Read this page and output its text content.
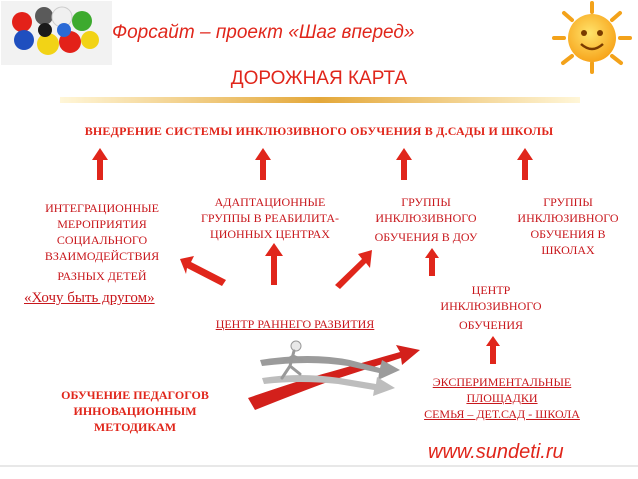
Форсайт – проект «Шаг вперед»
ДОРОЖНАЯ КАРТА
ВНЕДРЕНИЕ СИСТЕМЫ ИНКЛЮЗИВНОГО ОБУЧЕНИЯ В Д.САДЫ И ШКОЛЫ
ИНТЕГРАЦИОННЫЕ
МЕРОПРИЯТИЯ
СОЦИАЛЬНОГО
ВЗАИМОДЕЙСТВИЯ
РАЗНЫХ ДЕТЕЙ
«Хочу быть другом»
АДАПТАЦИОННЫЕ
ГРУППЫ В РЕАБИЛИТА-
ЦИОННЫХ ЦЕНТРАХ
ГРУППЫ
ИНКЛЮЗИВНОГО
ОБУЧЕНИЯ В ДОУ
ГРУППЫ
ИНКЛЮЗИВНОГО
ОБУЧЕНИЯ В
ШКОЛАХ
ЦЕНТР
ИНКЛЮЗИВНОГО
ОБУЧЕНИЯ
ЦЕНТР РАННЕГО РАЗВИТИЯ
ЭКСПЕРИМЕНТАЛЬНЫЕ
ПЛОЩАДКИ
СЕМЬЯ – ДЕТ.САД - ШКОЛА
ОБУЧЕНИЕ ПЕДАГОГОВ
ИННОВАЦИОННЫМ
МЕТОДИКАМ
www.sundeti.ru
